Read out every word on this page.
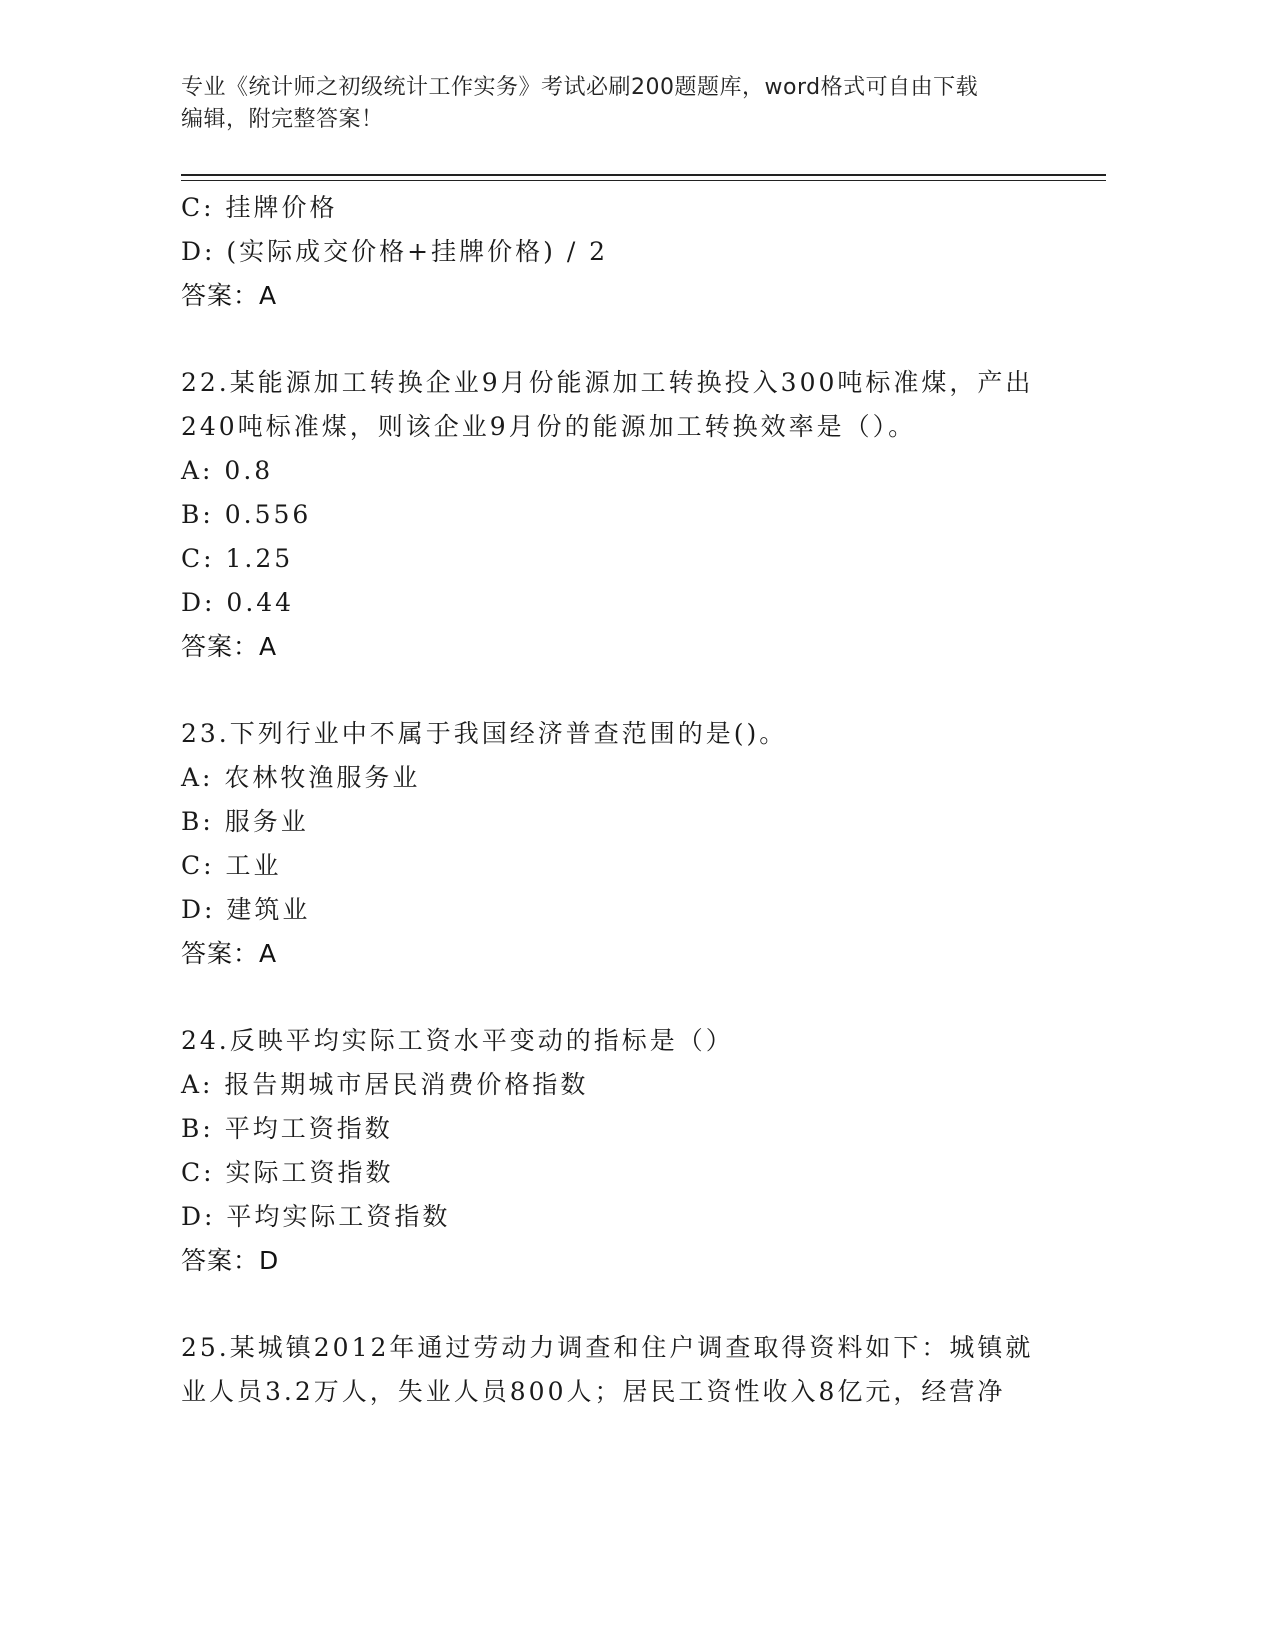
专业《统计师之初级统计工作实务》考试必刷200题题库，word格式可自由下载
编辑，附完整答案！
C: 挂牌价格
D: (实际成交价格+挂牌价格) / 2
答案：A
22.某能源加工转换企业9月份能源加工转换投入300吨标准煤，产出
240吨标准煤，则该企业9月份的能源加工转换效率是（）。
A: 0.8
B: 0.556
C: 1.25
D: 0.44
答案：A
23.下列行业中不属于我国经济普查范围的是()。
A: 农林牧渔服务业
B: 服务业
C: 工业
D: 建筑业
答案：A
24.反映平均实际工资水平变动的指标是（）
A: 报告期城市居民消费价格指数
B: 平均工资指数
C: 实际工资指数
D: 平均实际工资指数
答案：D
25.某城镇2012年通过劳动力调查和住户调查取得资料如下：城镇就
业人员3.2万人，失业人员800人；居民工资性收入8亿元，经营净
